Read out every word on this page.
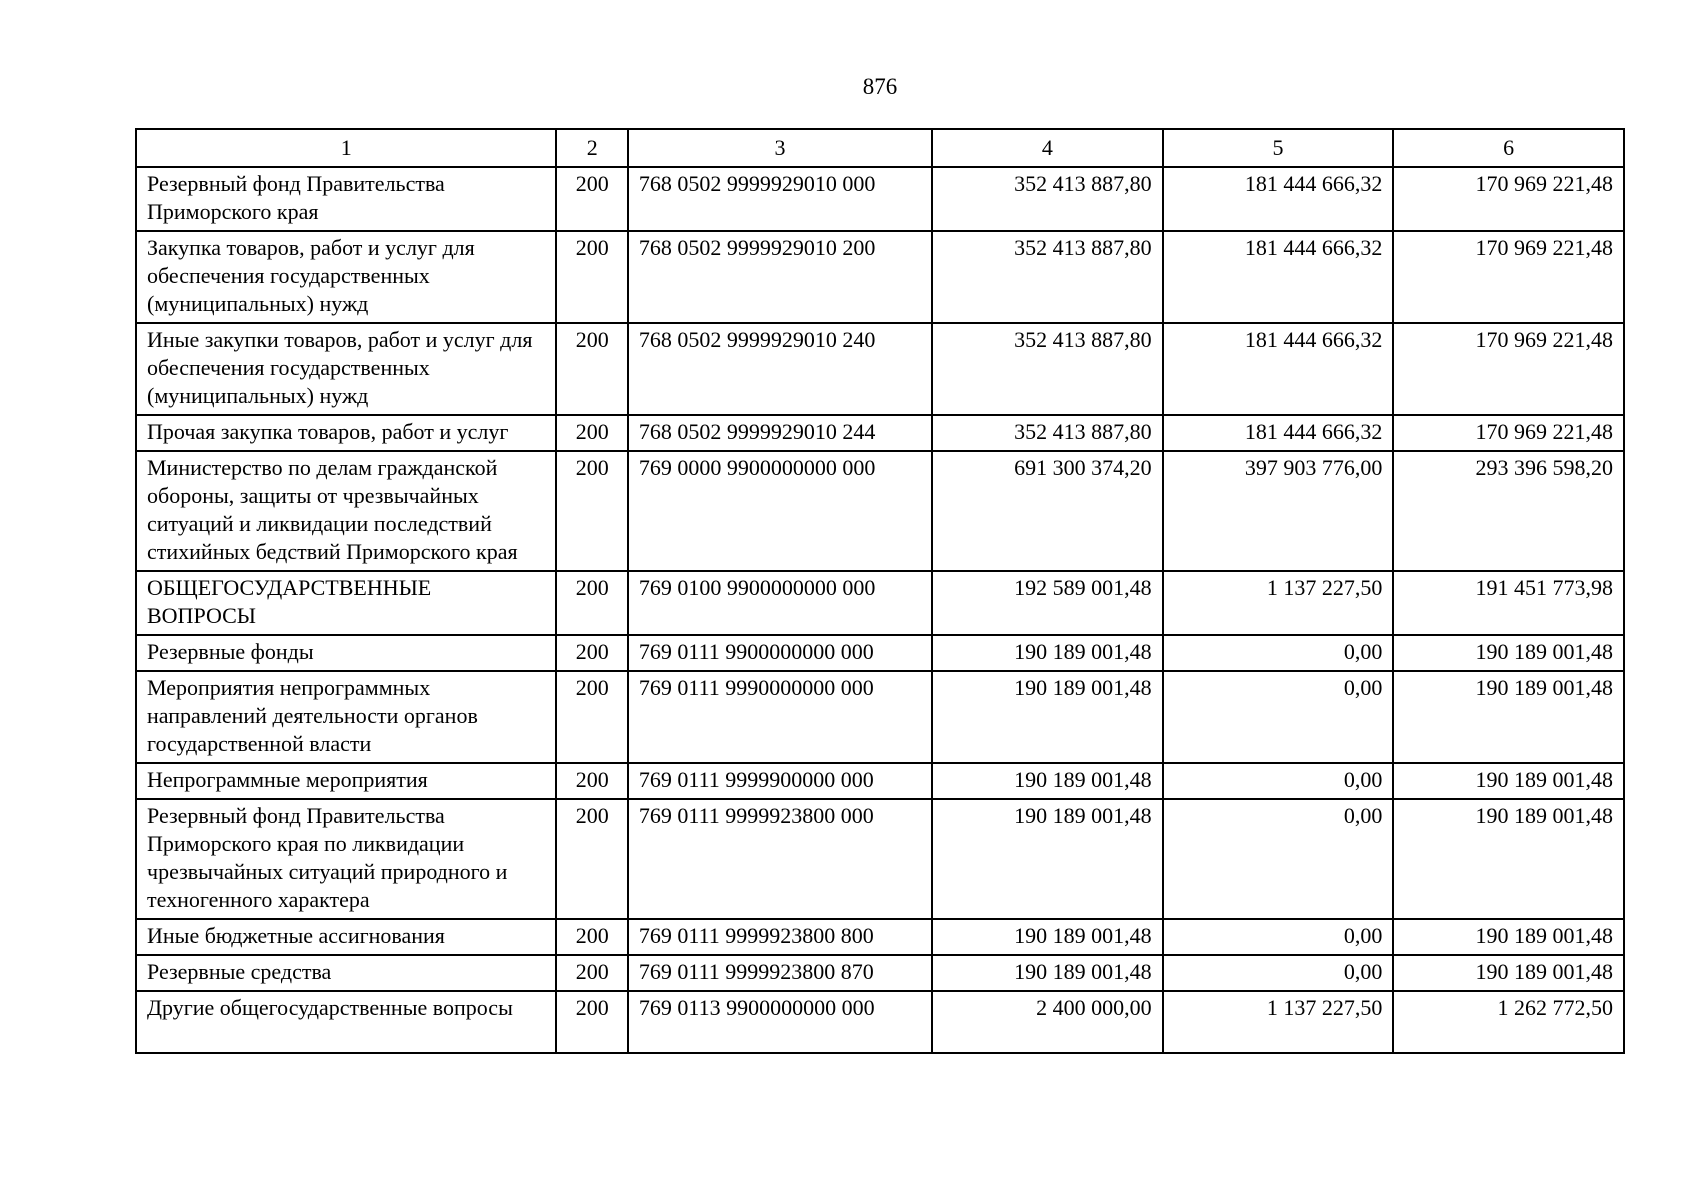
876
1	2	3	4	5	6
Резервный фонд Правительства Приморского края	200	768 0502 9999929010 000	352 413 887,80	181 444 666,32	170 969 221,48
Закупка товаров, работ и услуг для обеспечения государственных (муниципальных) нужд	200	768 0502 9999929010 200	352 413 887,80	181 444 666,32	170 969 221,48
Иные закупки товаров, работ и услуг для обеспечения государственных (муниципальных) нужд	200	768 0502 9999929010 240	352 413 887,80	181 444 666,32	170 969 221,48
Прочая закупка товаров, работ и услуг	200	768 0502 9999929010 244	352 413 887,80	181 444 666,32	170 969 221,48
Министерство по делам гражданской обороны, защиты от чрезвычайных ситуаций и ликвидации последствий стихийных бедствий Приморского края	200	769 0000 9900000000 000	691 300 374,20	397 903 776,00	293 396 598,20
ОБЩЕГОСУДАРСТВЕННЫЕ ВОПРОСЫ	200	769 0100 9900000000 000	192 589 001,48	1 137 227,50	191 451 773,98
Резервные фонды	200	769 0111 9900000000 000	190 189 001,48	0,00	190 189 001,48
Мероприятия непрограммных направлений деятельности органов государственной власти	200	769 0111 9990000000 000	190 189 001,48	0,00	190 189 001,48
Непрограммные мероприятия	200	769 0111 9999900000 000	190 189 001,48	0,00	190 189 001,48
Резервный фонд Правительства Приморского края по ликвидации чрезвычайных ситуаций природного и техногенного характера	200	769 0111 9999923800 000	190 189 001,48	0,00	190 189 001,48
Иные бюджетные ассигнования	200	769 0111 9999923800 800	190 189 001,48	0,00	190 189 001,48
Резервные средства	200	769 0111 9999923800 870	190 189 001,48	0,00	190 189 001,48
Другие общегосударственные вопросы	200	769 0113 9900000000 000	2 400 000,00	1 137 227,50	1 262 772,50
